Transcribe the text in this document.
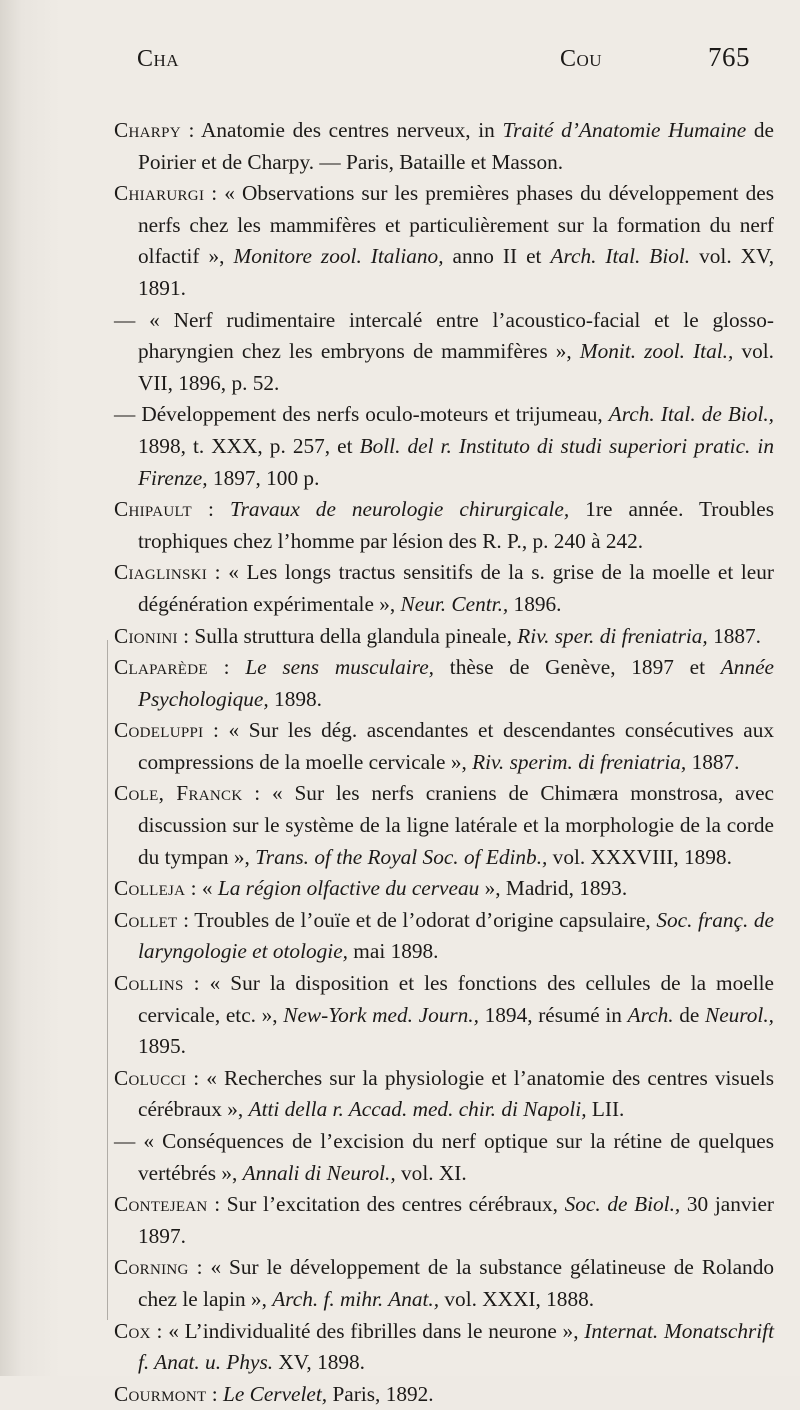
Cha	Cou	765

Charpy : Anatomie des centres nerveux, in Traité d’Anatomie Humaine de Poirier et de Charpy. — Paris, Bataille et Masson.

Chiarurgi : « Observations sur les premières phases du développement des nerfs chez les mammifères et particulièrement sur la formation du nerf olfactif », Monitore zool. Italiano, anno II et Arch. Ital. Biol. vol. XV, 1891.

— « Nerf rudimentaire intercalé entre l’acoustico-facial et le glosso-pharyngien chez les embryons de mammifères », Monit. zool. Ital., vol. VII, 1896, p. 52.

— Développement des nerfs oculo-moteurs et trijumeau, Arch. Ital. de Biol., 1898, t. XXX, p. 257, et Boll. del r. Instituto di studi superiori pratic. in Firenze, 1897, 100 p.

Chipault : Travaux de neurologie chirurgicale, 1re année. Troubles trophiques chez l’homme par lésion des R. P., p. 240 à 242.

Ciaglinski : « Les longs tractus sensitifs de la s. grise de la moelle et leur dégénération expérimentale », Neur. Centr., 1896.

Cionini : Sulla struttura della glandula pineale, Riv. sper. di freniatria, 1887.

Claparède : Le sens musculaire, thèse de Genève, 1897 et Année Psychologique, 1898.

Codeluppi : « Sur les dég. ascendantes et descendantes consécutives aux compressions de la moelle cervicale », Riv. sperim. di freniatria, 1887.

Cole, Franck : « Sur les nerfs craniens de Chimæra monstrosa, avec discussion sur le système de la ligne latérale et la morphologie de la corde du tympan », Trans. of the Royal Soc. of Edinb., vol. XXXVIII, 1898.

Colleja : « La région olfactive du cerveau », Madrid, 1893.

Collet : Troubles de l’ouïe et de l’odorat d’origine capsulaire, Soc. franç. de laryngologie et otologie, mai 1898.

Collins : « Sur la disposition et les fonctions des cellules de la moelle cervicale, etc. », New-York med. Journ., 1894, résumé in Arch. de Neurol., 1895.

Colucci : « Recherches sur la physiologie et l’anatomie des centres visuels cérébraux », Atti della r. Accad. med. chir. di Napoli, LII.

— « Conséquences de l’excision du nerf optique sur la rétine de quelques vertébrés », Annali di Neurol., vol. XI.

Contejean : Sur l’excitation des centres cérébraux, Soc. de Biol., 30 janvier 1897.

Corning : « Sur le développement de la substance gélatineuse de Rolando chez le lapin », Arch. f. mihr. Anat., vol. XXXI, 1888.

Cox : « L’individualité des fibrilles dans le neurone », Internat. Monatschrift f. Anat. u. Phys. XV, 1898.

Courmont : Le Cervelet, Paris, 1892.
